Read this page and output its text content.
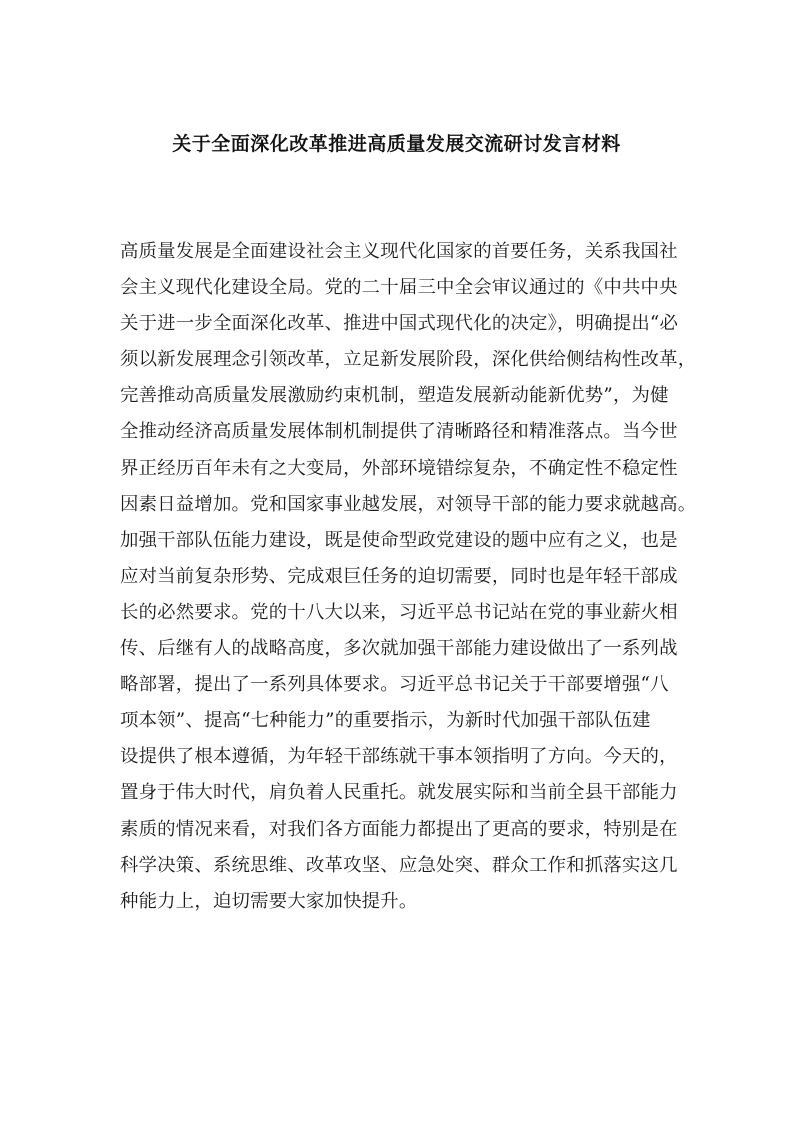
关于全面深化改革推进高质量发展交流研讨发言材料
高质量发展是全面建设社会主义现代化国家的首要任务，关系我国社
会主义现代化建设全局。党的二十届三中全会审议通过的《中共中央
关于进一步全面深化改革、推进中国式现代化的决定》，明确提出“必
须以新发展理念引领改革，立足新发展阶段，深化供给侧结构性改革，
完善推动高质量发展激励约束机制，塑造发展新动能新优势”，为健
全推动经济高质量发展体制机制提供了清晰路径和精准落点。当今世
界正经历百年未有之大变局，外部环境错综复杂，不确定性不稳定性
因素日益增加。党和国家事业越发展，对领导干部的能力要求就越高。
加强干部队伍能力建设，既是使命型政党建设的题中应有之义，也是
应对当前复杂形势、完成艰巨任务的迫切需要，同时也是年轻干部成
长的必然要求。党的十八大以来，习近平总书记站在党的事业薪火相
传、后继有人的战略高度，多次就加强干部能力建设做出了一系列战
略部署，提出了一系列具体要求。习近平总书记关于干部要增强“八
项本领”、提高“七种能力”的重要指示，为新时代加强干部队伍建
设提供了根本遵循，为年轻干部练就干事本领指明了方向。今天的，
置身于伟大时代，肩负着人民重托。就发展实际和当前全县干部能力
素质的情况来看，对我们各方面能力都提出了更高的要求，特别是在
科学决策、系统思维、改革攻坚、应急处突、群众工作和抓落实这几
种能力上，迫切需要大家加快提升。
